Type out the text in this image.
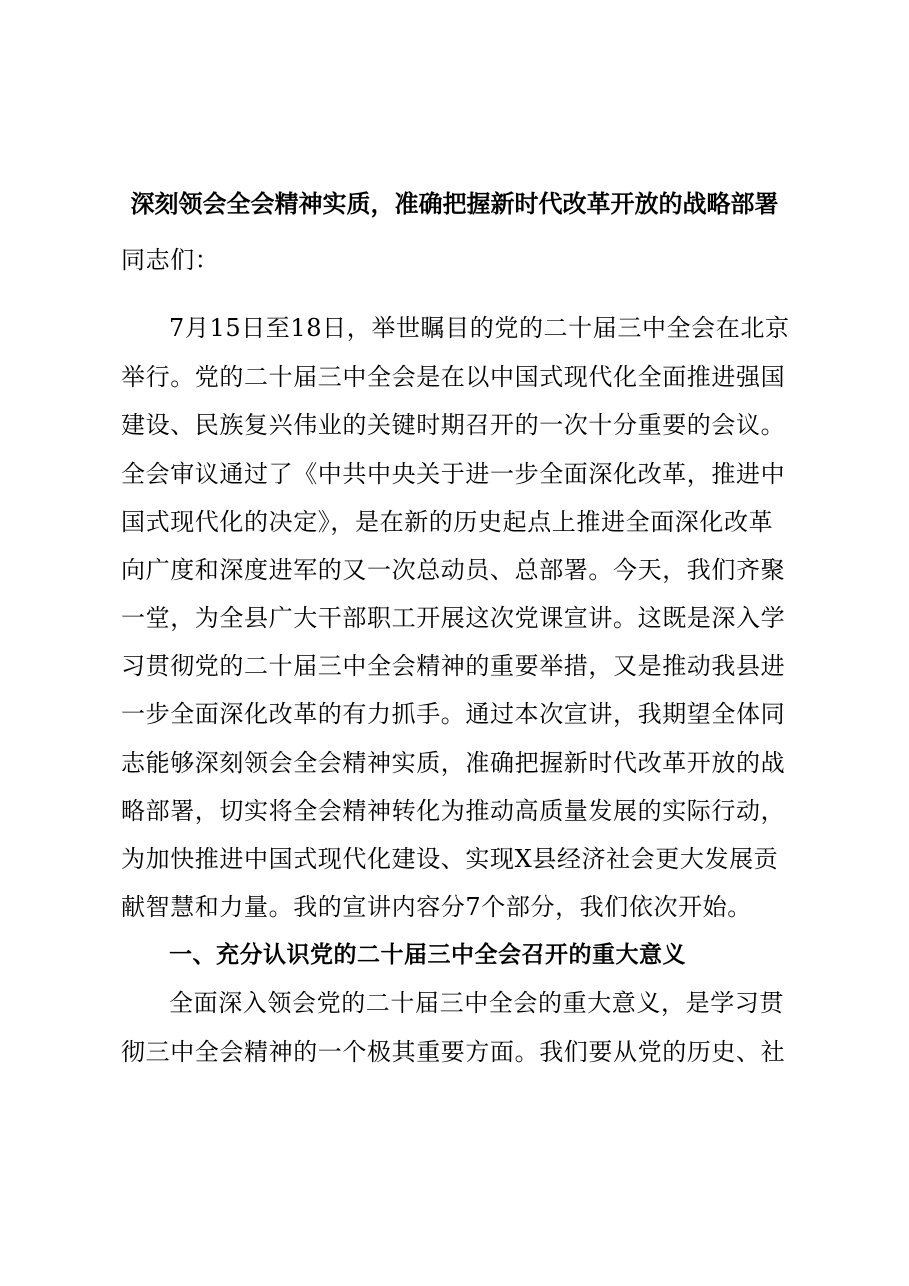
深刻领会全会精神实质，准确把握新时代改革开放的战略部署
同志们：
7月15日至18日，举世瞩目的党的二十届三中全会在北京
举行。党的二十届三中全会是在以中国式现代化全面推进强国
建设、民族复兴伟业的关键时期召开的一次十分重要的会议。
全会审议通过了《中共中央关于进一步全面深化改革，推进中
国式现代化的决定》，是在新的历史起点上推进全面深化改革
向广度和深度进军的又一次总动员、总部署。今天，我们齐聚
一堂，为全县广大干部职工开展这次党课宣讲。这既是深入学
习贯彻党的二十届三中全会精神的重要举措，又是推动我县进
一步全面深化改革的有力抓手。通过本次宣讲，我期望全体同
志能够深刻领会全会精神实质，准确把握新时代改革开放的战
略部署，切实将全会精神转化为推动高质量发展的实际行动，
为加快推进中国式现代化建设、实现X县经济社会更大发展贡
献智慧和力量。我的宣讲内容分7个部分，我们依次开始。
一、充分认识党的二十届三中全会召开的重大意义
全面深入领会党的二十届三中全会的重大意义，是学习贯
彻三中全会精神的一个极其重要方面。我们要从党的历史、社
